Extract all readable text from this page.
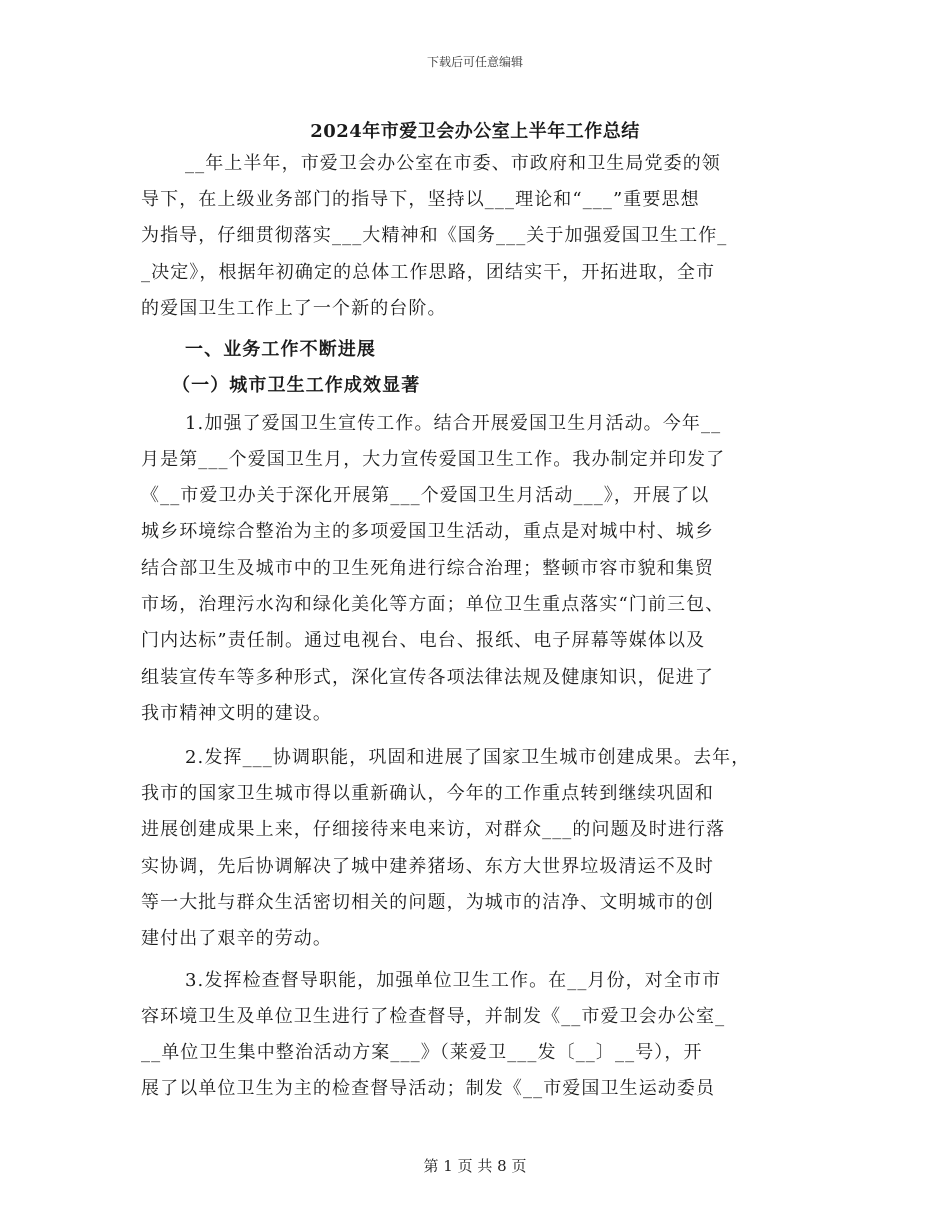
下载后可任意编辑
2024年市爱卫会办公室上半年工作总结
__年上半年，市爱卫会办公室在市委、市政府和卫生局党委的领
导下，在上级业务部门的指导下，坚持以___理论和“___”重要思想
为指导，仔细贯彻落实___大精神和《国务___关于加强爱国卫生工作_
_决定》，根据年初确定的总体工作思路，团结实干，开拓进取，全市
的爱国卫生工作上了一个新的台阶。
一、业务工作不断进展
（一）城市卫生工作成效显著
1.加强了爱国卫生宣传工作。结合开展爱国卫生月活动。今年__
月是第___个爱国卫生月，大力宣传爱国卫生工作。我办制定并印发了
《__市爱卫办关于深化开展第___个爱国卫生月活动___》，开展了以
城乡环境综合整治为主的多项爱国卫生活动，重点是对城中村、城乡
结合部卫生及城市中的卫生死角进行综合治理；整顿市容市貌和集贸
市场，治理污水沟和绿化美化等方面；单位卫生重点落实“门前三包、
门内达标”责任制。通过电视台、电台、报纸、电子屏幕等媒体以及
组装宣传车等多种形式，深化宣传各项法律法规及健康知识，促进了
我市精神文明的建设。
2.发挥___协调职能，巩固和进展了国家卫生城市创建成果。去年，
我市的国家卫生城市得以重新确认，今年的工作重点转到继续巩固和
进展创建成果上来，仔细接待来电来访，对群众___的问题及时进行落
实协调，先后协调解决了城中建养猪场、东方大世界垃圾清运不及时
等一大批与群众生活密切相关的问题，为城市的洁净、文明城市的创
建付出了艰辛的劳动。
3.发挥检查督导职能，加强单位卫生工作。在__月份，对全市市
容环境卫生及单位卫生进行了检查督导，并制发《__市爱卫会办公室_
__单位卫生集中整治活动方案___》（莱爱卫___发〔__〕__号），开
展了以单位卫生为主的检查督导活动；制发《__市爱国卫生运动委员
第 1 页 共 8 页
